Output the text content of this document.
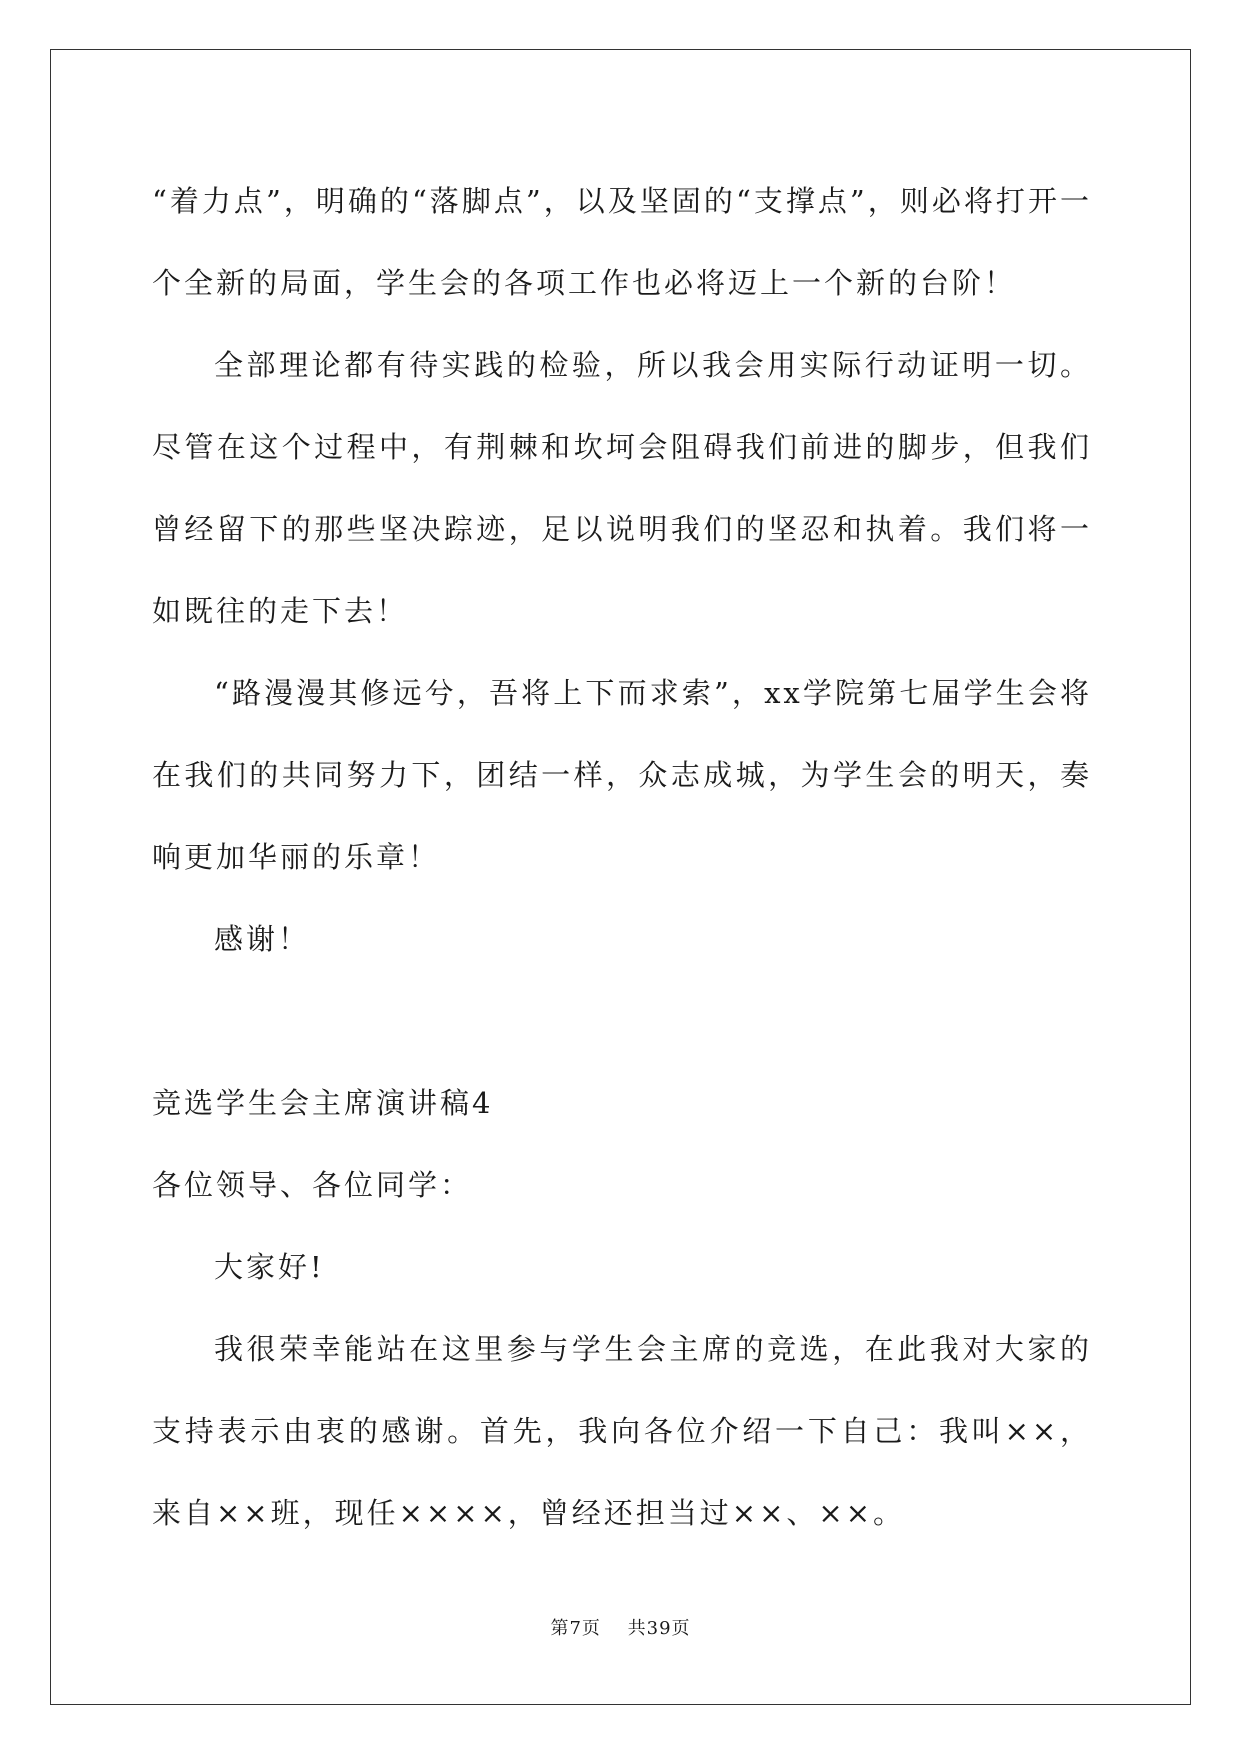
“着力点”，明确的“落脚点”，以及坚固的“支撑点”，则必将打开一个全新的局面，学生会的各项工作也必将迈上一个新的台阶！

全部理论都有待实践的检验，所以我会用实际行动证明一切。尽管在这个过程中，有荆棘和坎坷会阻碍我们前进的脚步，但我们曾经留下的那些坚决踪迹，足以说明我们的坚忍和执着。我们将一如既往的走下去！

“路漫漫其修远兮，吾将上下而求索”，xx学院第七届学生会将在我们的共同努力下，团结一样，众志成城，为学生会的明天，奏响更加华丽的乐章！

感谢！

竞选学生会主席演讲稿4

各位领导、各位同学：

大家好!

我很荣幸能站在这里参与学生会主席的竞选，在此我对大家的支持表示由衷的感谢。首先，我向各位介绍一下自己：我叫××，来自××班，现任××××，曾经还担当过××、××。

第7页 共39页
